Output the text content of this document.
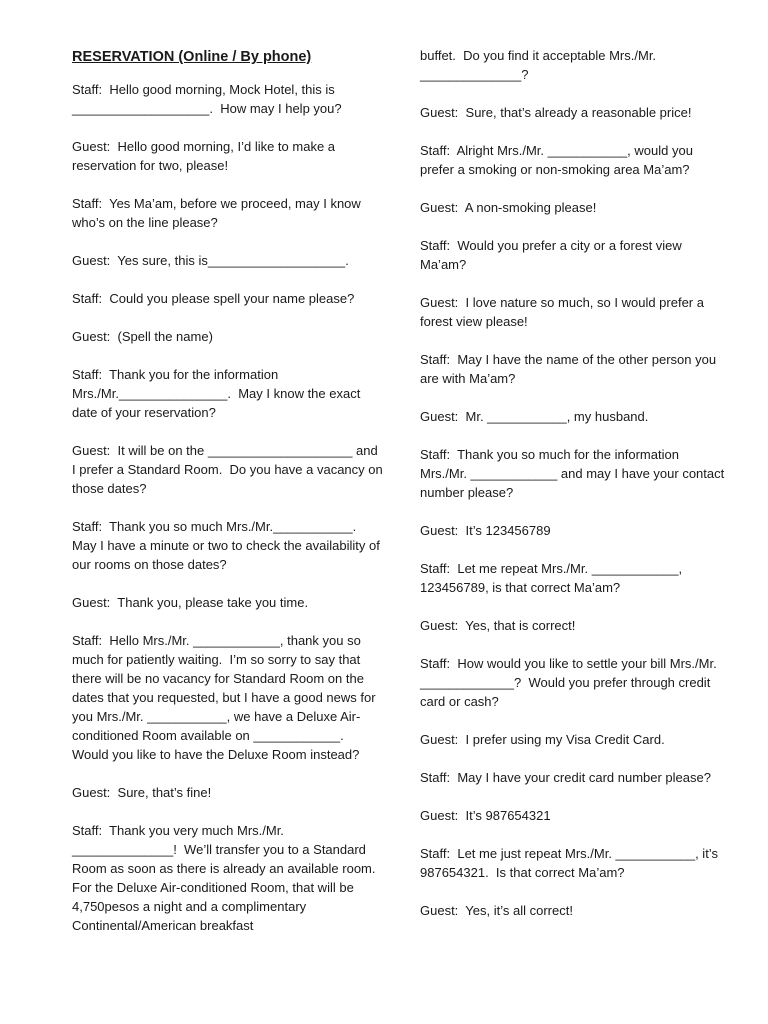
RESERVATION (Online / By phone)
Staff:  Hello good morning, Mock Hotel, this is ___________________.  How may I help you?
Guest:  Hello good morning, I’d like to make a reservation for two, please!
Staff:  Yes Ma’am, before we proceed, may I know who’s on the line please?
Guest:  Yes sure, this is___________________.
Staff:  Could you please spell your name please?
Guest:  (Spell the name)
Staff:  Thank you for the information Mrs./Mr._______________.  May I know the exact date of your reservation?
Guest:  It will be on the ____________________ and I prefer a Standard Room.  Do you have a vacancy on those dates?
Staff:  Thank you so much Mrs./Mr.___________. May I have a minute or two to check the availability of our rooms on those dates?
Guest:  Thank you, please take you time.
Staff:  Hello Mrs./Mr. ____________, thank you so much for patiently waiting.  I’m so sorry to say that there will be no vacancy for Standard Room on the dates that you requested, but I have a good news for you Mrs./Mr. ___________, we have a Deluxe Air-conditioned Room available on ____________.  Would you like to have the Deluxe Room instead?
Guest:  Sure, that’s fine!
Staff:  Thank you very much Mrs./Mr. ______________!  We’ll transfer you to a Standard Room as soon as there is already an available room.  For the Deluxe Air-conditioned Room, that will be 4,750pesos a night and a complimentary Continental/American breakfast
buffet.  Do you find it acceptable Mrs./Mr. ______________?
Guest:  Sure, that’s already a reasonable price!
Staff:  Alright Mrs./Mr. ___________, would you prefer a smoking or non-smoking area Ma’am?
Guest:  A non-smoking please!
Staff:  Would you prefer a city or a forest view Ma’am?
Guest:  I love nature so much, so I would prefer a forest view please!
Staff:  May I have the name of the other person you are with Ma’am?
Guest:  Mr. ___________, my husband.
Staff:  Thank you so much for the information Mrs./Mr. ____________ and may I have your contact number please?
Guest:  It’s 123456789
Staff:  Let me repeat Mrs./Mr. ____________, 123456789, is that correct Ma’am?
Guest:  Yes, that is correct!
Staff:  How would you like to settle your bill Mrs./Mr. _____________?  Would you prefer through credit card or cash?
Guest:  I prefer using my Visa Credit Card.
Staff:  May I have your credit card number please?
Guest:  It’s 987654321
Staff:  Let me just repeat Mrs./Mr. ___________, it’s 987654321.  Is that correct Ma’am?
Guest:  Yes, it’s all correct!
